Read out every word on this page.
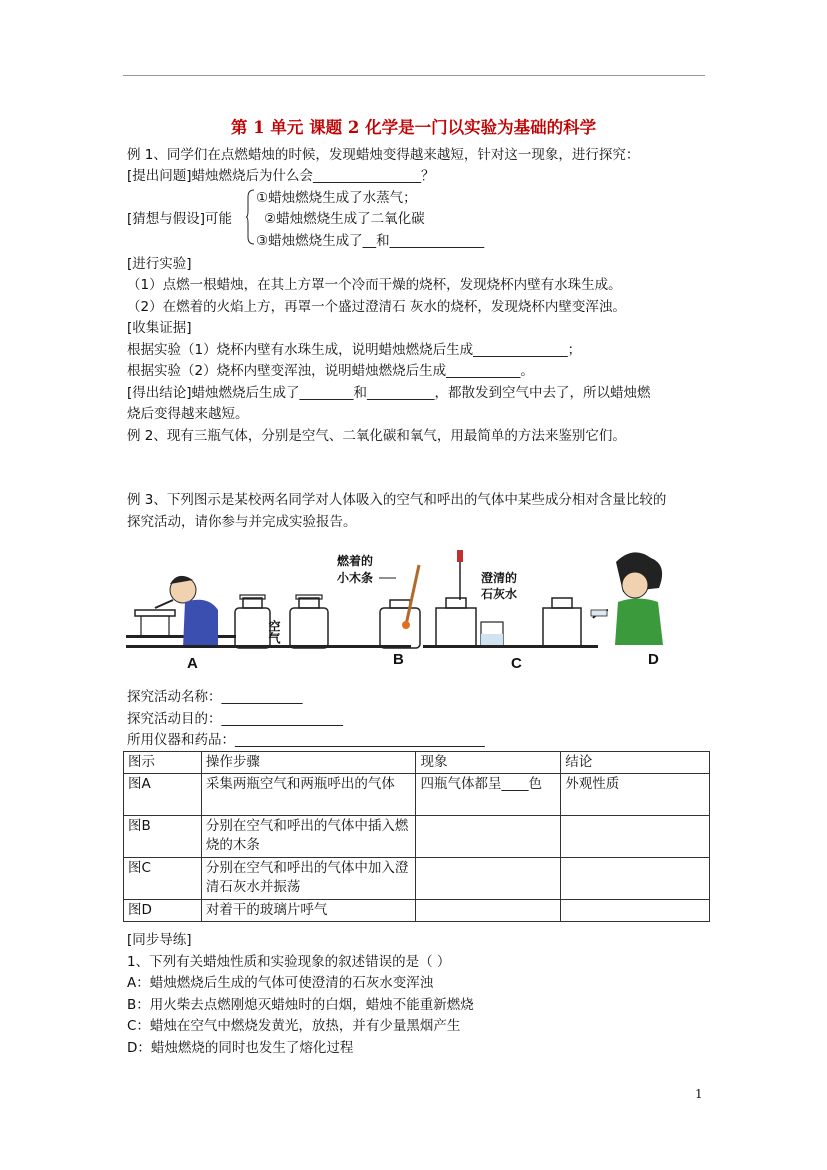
第 1 单元 课题 2 化学是一门以实验为基础的科学
例 1、同学们在点燃蜡烛的时候，发现蜡烛变得越来越短，针对这一现象，进行探究：
[提出问题]蜡烛燃烧后为什么会________________？
①蜡烛燃烧生成了水蒸气；
[猜想与假设]可能 ②蜡烛燃烧生成了二氧化碳
③蜡烛燃烧生成了__和______________
[进行实验]
（1）点燃一根蜡烛，在其上方罩一个冷而干燥的烧杯，发现烧杯内壁有水珠生成。
（2）在燃着的火焰上方，再罩一个盛过澄清石 灰水的烧杯，发现烧杯内壁变浑浊。
[收集证据]
根据实验（1）烧杯内壁有水珠生成，说明蜡烛燃烧后生成______________；
根据实验（2）烧杯内壁变浑浊，说明蜡烛燃烧后生成___________。
[得出结论]蜡烛燃烧后生成了________和__________，都散发到空气中去了，所以蜡烛燃
烧后变得越来越短。
例 2、现有三瓶气体，分别是空气、二氧化碳和氧气，用最简单的方法来鉴别它们。
例 3、下列图示是某校两名同学对人体吸入的空气和呼出的气体中某些成分相对含量比较的
探究活动，请你参与并完成实验报告。
A
空气
燃着的
小木条
B
澄清的
石灰水
C	D
探究活动名称：____________
探究活动目的：__________________
所用仪器和药品：_____________________________________
图示	操作步骤	现象	结论
图A	采集两瓶空气和两瓶呼出的气体	四瓶气体都呈____色	外观性质
图B	分别在空气和呼出的气体中插入燃烧的木条		
图C	分别在空气和呼出的气体中加入澄清石灰水并振荡		
图D	对着干的玻璃片呼气		
[同步导练]
1、下列有关蜡烛性质和实验现象的叙述错误的是（ ）
A：蜡烛燃烧后生成的气体可使澄清的石灰水变浑浊
B：用火柴去点燃刚熄灭蜡烛时的白烟，蜡烛不能重新燃烧
C：蜡烛在空气中燃烧发黄光，放热，并有少量黑烟产生
D：蜡烛燃烧的同时也发生了熔化过程
1
